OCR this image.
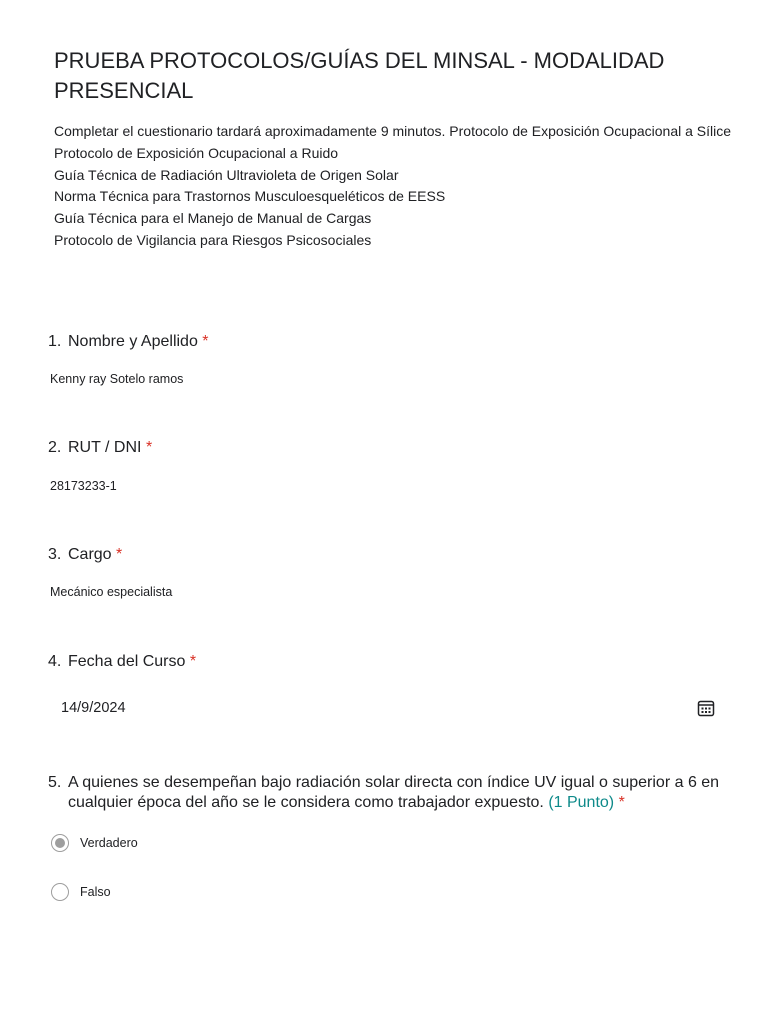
PRUEBA PROTOCOLOS/GUÍAS DEL MINSAL - MODALIDAD PRESENCIAL
Completar el cuestionario tardará aproximadamente 9 minutos. Protocolo de Exposición Ocupacional a Sílice
Protocolo de Exposición Ocupacional a Ruido
Guía Técnica de Radiación Ultravioleta de Origen Solar
Norma Técnica para Trastornos Musculoesqueléticos de EESS
Guía Técnica para el Manejo de Manual de Cargas
Protocolo de Vigilancia para Riesgos Psicosociales
1. Nombre y Apellido *
Kenny ray Sotelo ramos
2. RUT / DNI *
28173233-1
3. Cargo *
Mecánico especialista
4. Fecha del Curso *
14/9/2024
5. A quienes se desempeñan bajo radiación solar directa con índice UV igual o superior a 6 en cualquier época del año se le considera como trabajador expuesto. (1 Punto) *
Verdadero
Falso
